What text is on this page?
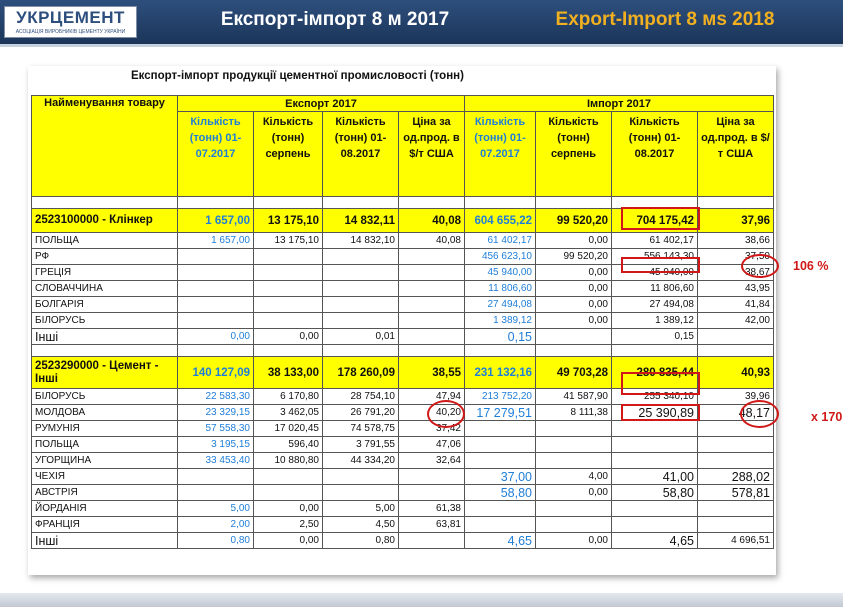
УКРЦЕМЕНТ
АСОЦІАЦІЯ ВИРОБНИКІВ ЦЕМЕНТУ УКРАЇНИ
Експорт-імпорт 8 м 2017	Export-Import 8 мs 2018
Експорт-імпорт продукції цементної промисловості (тонн)
Найменування товару	Експорт 2017				Імпорт 2017			
	Кількість (тонн) 01-07.2017	Кількість (тонн) серпень	Кількість (тонн) 01-08.2017	Ціна за од.прод. в $/т США	Кількість (тонн) 01-07.2017	Кількість (тонн) серпень	Кількість (тонн) 01-08.2017	Ціна за од.прод. в $/т США

2523100000 - Клінкер	1 657,00	13 175,10	14 832,11	40,08	604 655,22	99 520,20	704 175,42	37,96
ПОЛЬЩА	1 657,00	13 175,10	14 832,10	40,08	61 402,17	0,00	61 402,17	38,66
РФ					456 623,10	99 520,20	556 143,30	37,50
ГРЕЦІЯ					45 940,00	0,00	45 940,00	38,67
СЛОВАЧЧИНА					11 806,60	0,00	11 806,60	43,95
БОЛГАРІЯ					27 494,08	0,00	27 494,08	41,84
БІЛОРУСЬ					1 389,12	0,00	1 389,12	42,00
Інші	0,00	0,00	0,01		0,15		0,15	

2523290000 - Цемент - Інші	140 127,09	38 133,00	178 260,09	38,55	231 132,16	49 703,28	280 835,44	40,93
БІЛОРУСЬ	22 583,30	6 170,80	28 754,10	47,94	213 752,20	41 587,90	255 340,10	39,96
МОЛДОВА	23 329,15	3 462,05	26 791,20	40,20	17 279,51	8 111,38	25 390,89	48,17
РУМУНІЯ	57 558,30	17 020,45	74 578,75	37,42				
ПОЛЬЩА	3 195,15	596,40	3 791,55	47,06				
УГОРЩИНА	33 453,40	10 880,80	44 334,20	32,64				
ЧЕХІЯ					37,00	4,00	41,00	288,02
АВСТРІЯ					58,80	0,00	58,80	578,81
ЙОРДАНІЯ	5,00	0,00	5,00	61,38				
ФРАНЦІЯ	2,00	2,50	4,50	63,81				
Інші	0,80	0,00	0,80		4,65	0,00	4,65	4 696,51
106 %
x 170
